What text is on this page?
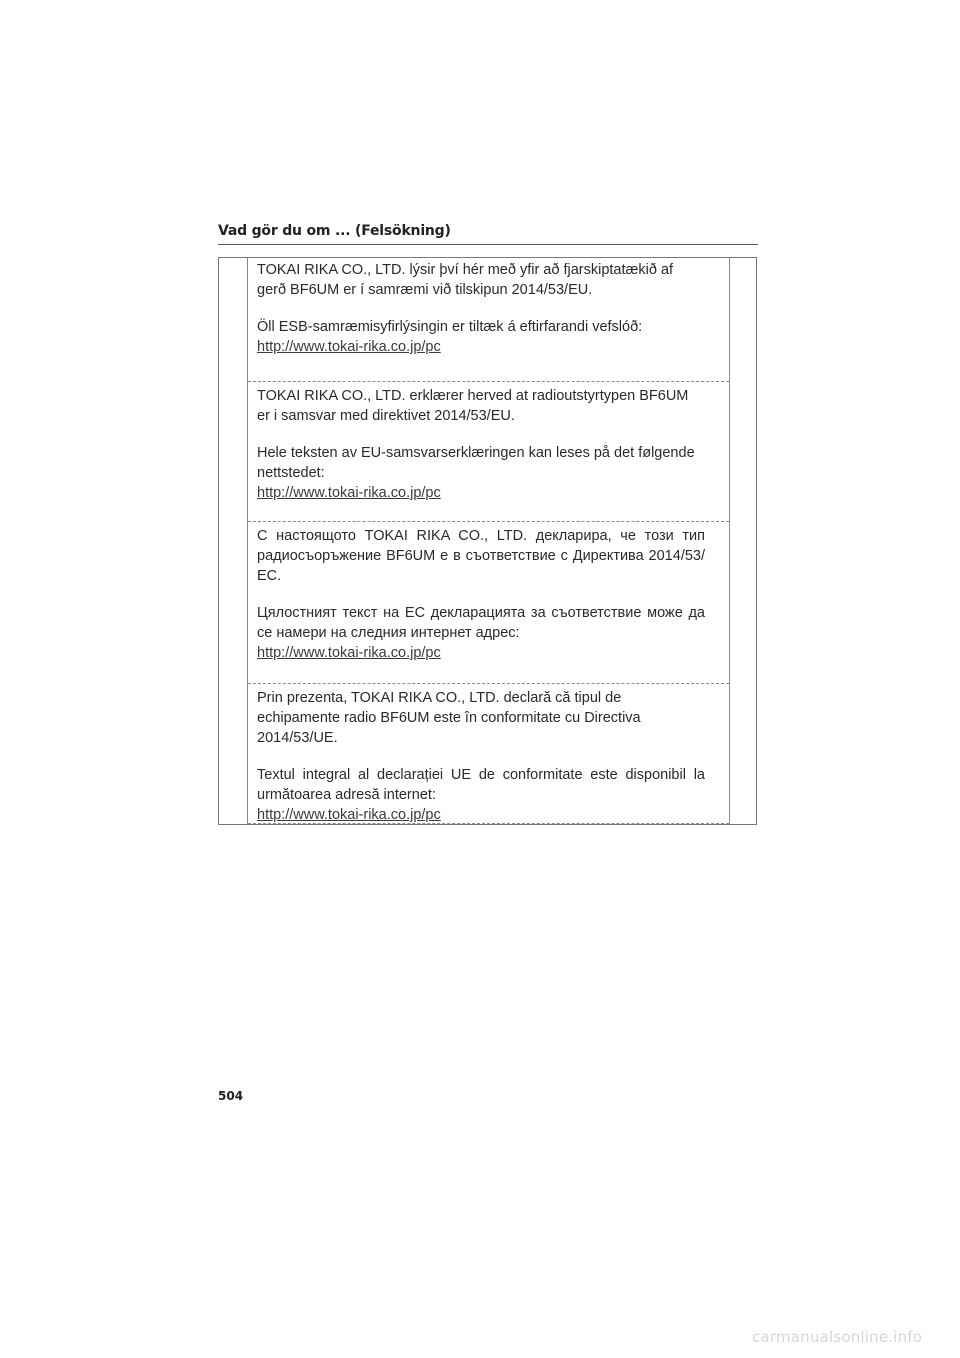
Vad gör du om ... (Felsökning)

TOKAI RIKA CO., LTD. lýsir því hér með yfir að fjarskiptatækið af gerð BF6UM er í samræmi við tilskipun 2014/53/EU.

Öll ESB-samræmisyfirlýsingin er tiltæk á eftirfarandi vefslóð:

http://www.tokai-rika.co.jp/pc

TOKAI RIKA CO., LTD. erklærer herved at radioutstyrtypen BF6UM er i samsvar med direktivet 2014/53/EU.

Hele teksten av EU-samsvarserklæringen kan leses på det følgende nettstedet:

http://www.tokai-rika.co.jp/pc

С настоящото TOKAI RIKA CO., LTD. декларира, че този тип радиосъоръжение BF6UM е в съответствие с Директива 2014/53/ЕС.

Цялостният текст на ЕС декларацията за съответствие може да се намери на следния интернет адрес:

http://www.tokai-rika.co.jp/pc

Prin prezenta, TOKAI RIKA CO., LTD. declară că tipul de echipamente radio BF6UM este în conformitate cu Directiva 2014/53/UE.

Textul integral al declarației UE de conformitate este disponibil la următoarea adresă internet:

http://www.tokai-rika.co.jp/pc

504
carmanualsonline.info
